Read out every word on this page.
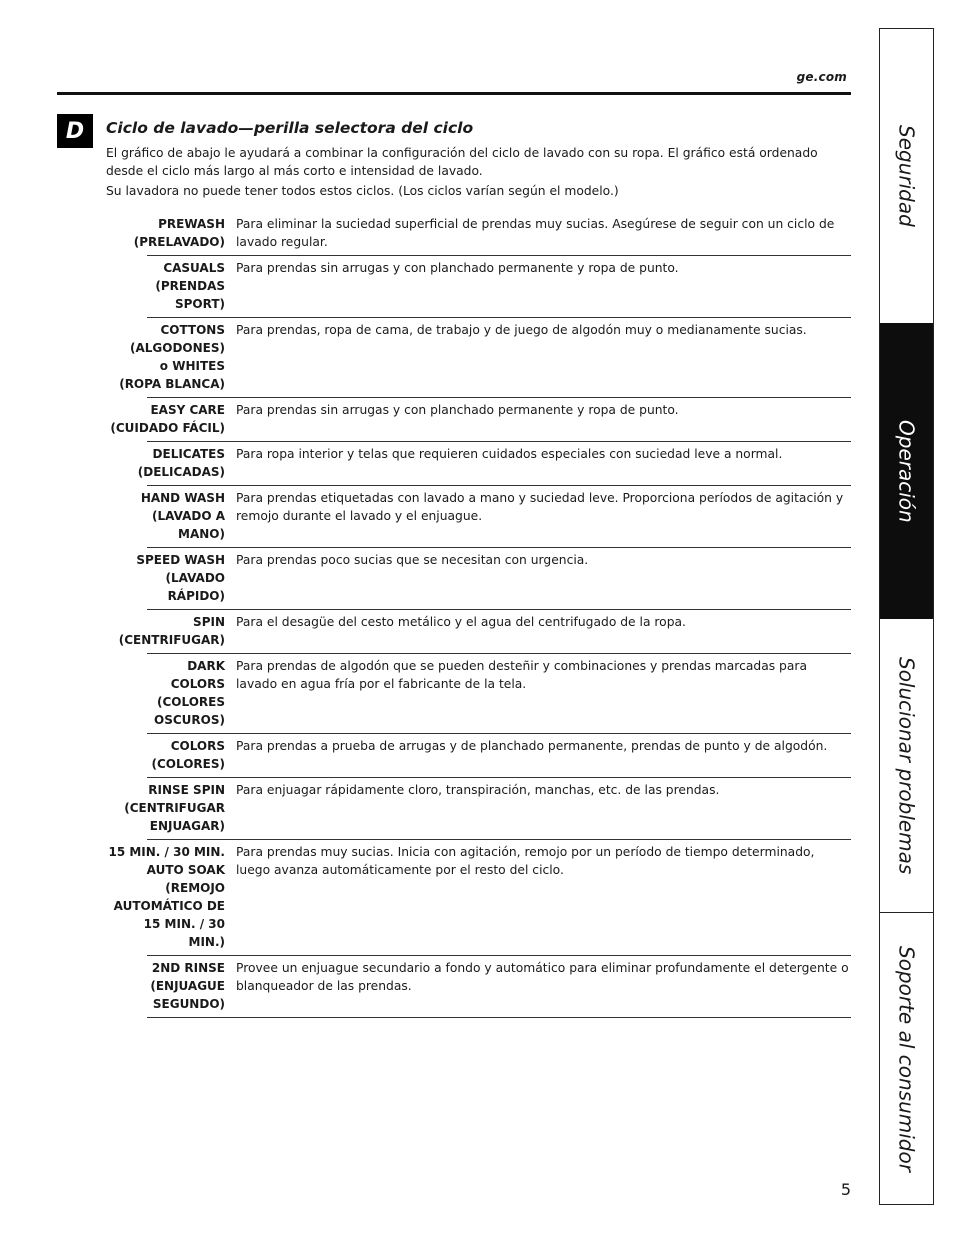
ge.com
D	Ciclo de lavado—perilla selectora del ciclo

El gráfico de abajo le ayudará a combinar la configuración del ciclo de lavado con su ropa. El gráfico está ordenado desde el ciclo más largo al más corto e intensidad de lavado.

Su lavadora no puede tener todos estos ciclos. (Los ciclos varían según el modelo.)

PREWASH
(PRELAVADO)
Para eliminar la suciedad superficial de prendas muy sucias. Asegúrese de seguir con un ciclo de lavado regular.
CASUALS
(PRENDAS SPORT)
Para prendas sin arrugas y con planchado permanente y ropa de punto.
COTTONS
(ALGODONES)
o WHITES
(ROPA BLANCA)
Para prendas, ropa de cama, de trabajo y de juego de algodón muy o medianamente sucias.
EASY CARE
(CUIDADO FÁCIL)
Para prendas sin arrugas y con planchado permanente y ropa de punto.
DELICATES
(DELICADAS)
Para ropa interior y telas que requieren cuidados especiales con suciedad leve a normal.
HAND WASH
(LAVADO A MANO)
Para prendas etiquetadas con lavado a mano y suciedad leve. Proporciona períodos de agitación y remojo durante el lavado y el enjuague.
SPEED WASH
(LAVADO RÁPIDO)
Para prendas poco sucias que se necesitan con urgencia.
SPIN
(CENTRIFUGAR)
Para el desagüe del cesto metálico y el agua del centrifugado de la ropa.
DARK
COLORS
(COLORES
OSCUROS)
Para prendas de algodón que se pueden desteñir y combinaciones y prendas marcadas para lavado en agua fría por el fabricante de la tela.
COLORS
(COLORES)
Para prendas a prueba de arrugas y de planchado permanente, prendas de punto y de algodón.
RINSE SPIN
(CENTRIFUGAR
ENJUAGAR)
Para enjuagar rápidamente cloro, transpiración, manchas, etc. de las prendas.
15 MIN. / 30 MIN.
AUTO SOAK
(REMOJO
AUTOMÁTICO DE
15 MIN. / 30 MIN.)
Para prendas muy sucias. Inicia con agitación, remojo por un período de tiempo determinado, luego avanza automáticamente por el resto del ciclo.
2ND RINSE
(ENJUAGUE
SEGUNDO)
Provee un enjuague secundario a fondo y automático para eliminar profundamente el detergente o blanqueador de las prendas.
5
Seguridad
Operación
Solucionar problemas
Soporte al consumidor
